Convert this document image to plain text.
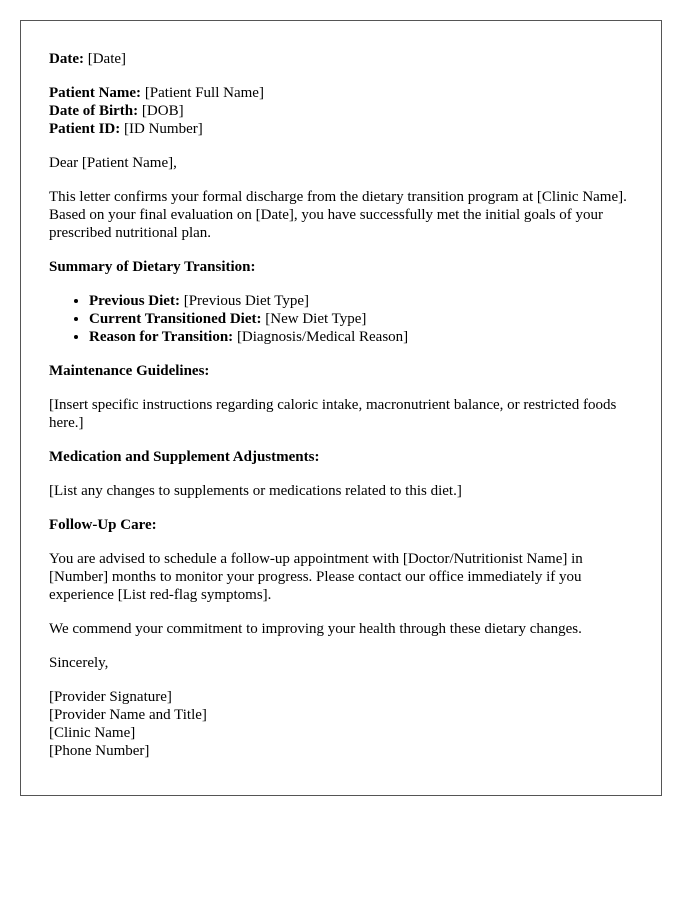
Date: [Date]

Patient Name: [Patient Full Name]
Date of Birth: [DOB]
Patient ID: [ID Number]

Dear [Patient Name],

This letter confirms your formal discharge from the dietary transition program at [Clinic Name]. Based on your final evaluation on [Date], you have successfully met the initial goals of your prescribed nutritional plan.

Summary of Dietary Transition:

• Previous Diet: [Previous Diet Type]
• Current Transitioned Diet: [New Diet Type]
• Reason for Transition: [Diagnosis/Medical Reason]

Maintenance Guidelines:

[Insert specific instructions regarding caloric intake, macronutrient balance, or restricted foods here.]

Medication and Supplement Adjustments:

[List any changes to supplements or medications related to this diet.]

Follow-Up Care:

You are advised to schedule a follow-up appointment with [Doctor/Nutritionist Name] in [Number] months to monitor your progress. Please contact our office immediately if you experience [List red-flag symptoms].

We commend your commitment to improving your health through these dietary changes.

Sincerely,

[Provider Signature]
[Provider Name and Title]
[Clinic Name]
[Phone Number]
